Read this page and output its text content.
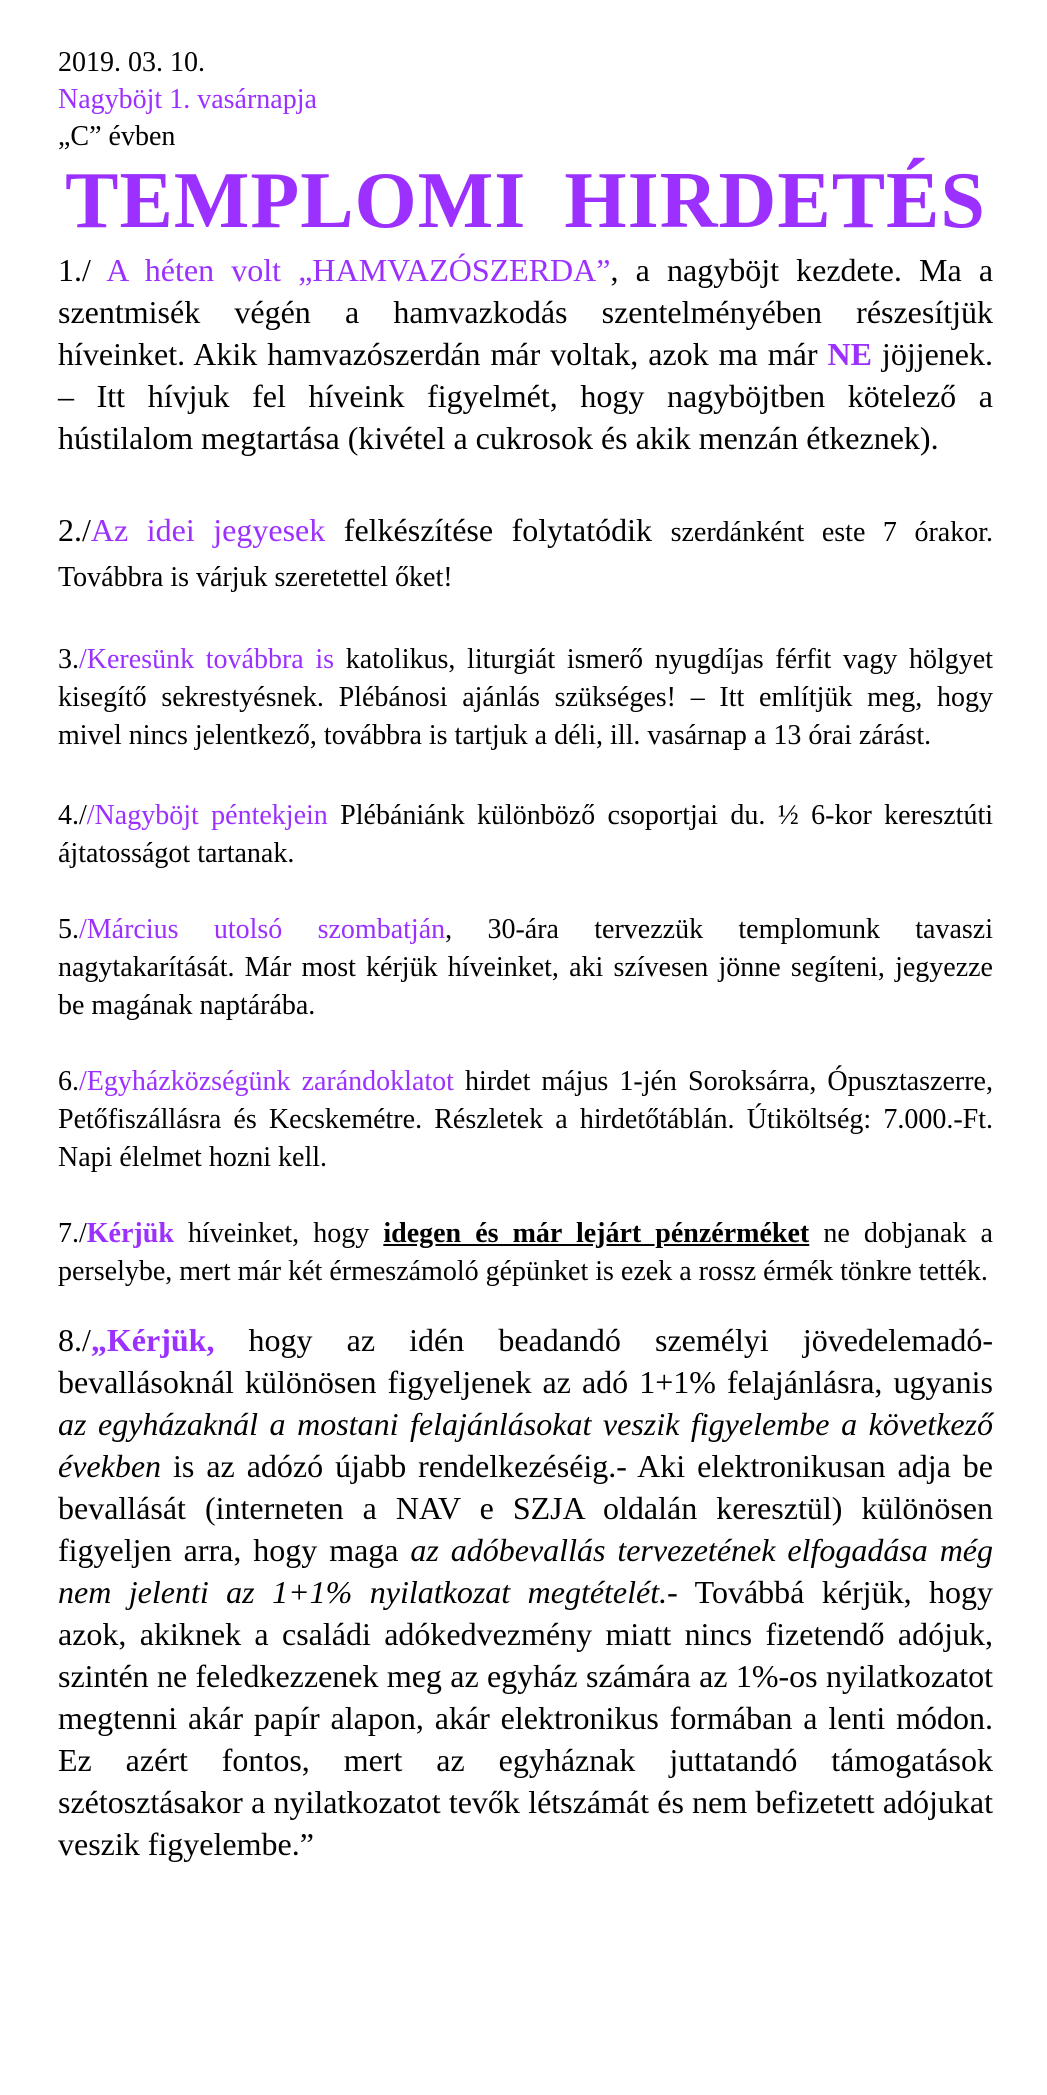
2019. 03. 10.
Nagyböjt 1. vasárnapja
„C” évben
TEMPLOMI HIRDETÉS

1./ A héten volt „HAMVAZÓSZERDA”, a nagyböjt kezdete. Ma a szentmisék végén a hamvazkodás szentelményében részesítjük híveinket. Akik hamvazószerdán már voltak, azok ma már NE jöjjenek. – Itt hívjuk fel híveink figyelmét, hogy nagyböjtben kötelező a hústilalom megtartása (kivétel a cukrosok és akik menzán étkeznek).

2./Az idei jegyesek felkészítése folytatódik szerdánként este 7 órakor. Továbbra is várjuk szeretettel őket!

3./Keresünk továbbra is katolikus, liturgiát ismerő nyugdíjas férfit vagy hölgyet kisegítő sekrestyésnek. Plébánosi ajánlás szükséges! – Itt említjük meg, hogy mivel nincs jelentkező, továbbra is tartjuk a déli, ill. vasárnap a 13 órai zárást.

4.//Nagyböjt péntekjein Plébániánk különböző csoportjai du. ½ 6-kor keresztúti ájtatosságot tartanak.

5./Március utolsó szombatján, 30-ára tervezzük templomunk tavaszi nagytakarítását. Már most kérjük híveinket, aki szívesen jönne segíteni, jegyezze be magának naptárába.

6./Egyházközségünk zarándoklatot hirdet május 1-jén Soroksárra, Ópusztaszerre, Petőfiszállásra és Kecskemétre. Részletek a hirdetőtáblán. Útiköltség: 7.000.-Ft. Napi élelmet hozni kell.

7./Kérjük híveinket, hogy idegen és már lejárt pénzérméket ne dobjanak a perselybe, mert már két érmeszámoló gépünket is ezek a rossz érmék tönkre tették.

8./„Kérjük, hogy az idén beadandó személyi jövedelemadó-bevallásoknál különösen figyeljenek az adó 1+1% felajánlásra, ugyanis az egyházaknál a mostani felajánlásokat veszik figyelembe a következő években is az adózó újabb rendelkezéséig.- Aki elektronikusan adja be bevallását (interneten a NAV e SZJA oldalán keresztül) különösen figyeljen arra, hogy maga az adóbevallás tervezetének elfogadása még nem jelenti az 1+1% nyilatkozat megtételét.- Továbbá kérjük, hogy azok, akiknek a családi adókedvezmény miatt nincs fizetendő adójuk, szintén ne feledkezzenek meg az egyház számára az 1%-os nyilatkozatot megtenni akár papír alapon, akár elektronikus formában a lenti módon. Ez azért fontos, mert az egyháznak juttatandó támogatások szétosztásakor a nyilatkozatot tevők létszámát és nem befizetett adójukat veszik figyelembe.”
